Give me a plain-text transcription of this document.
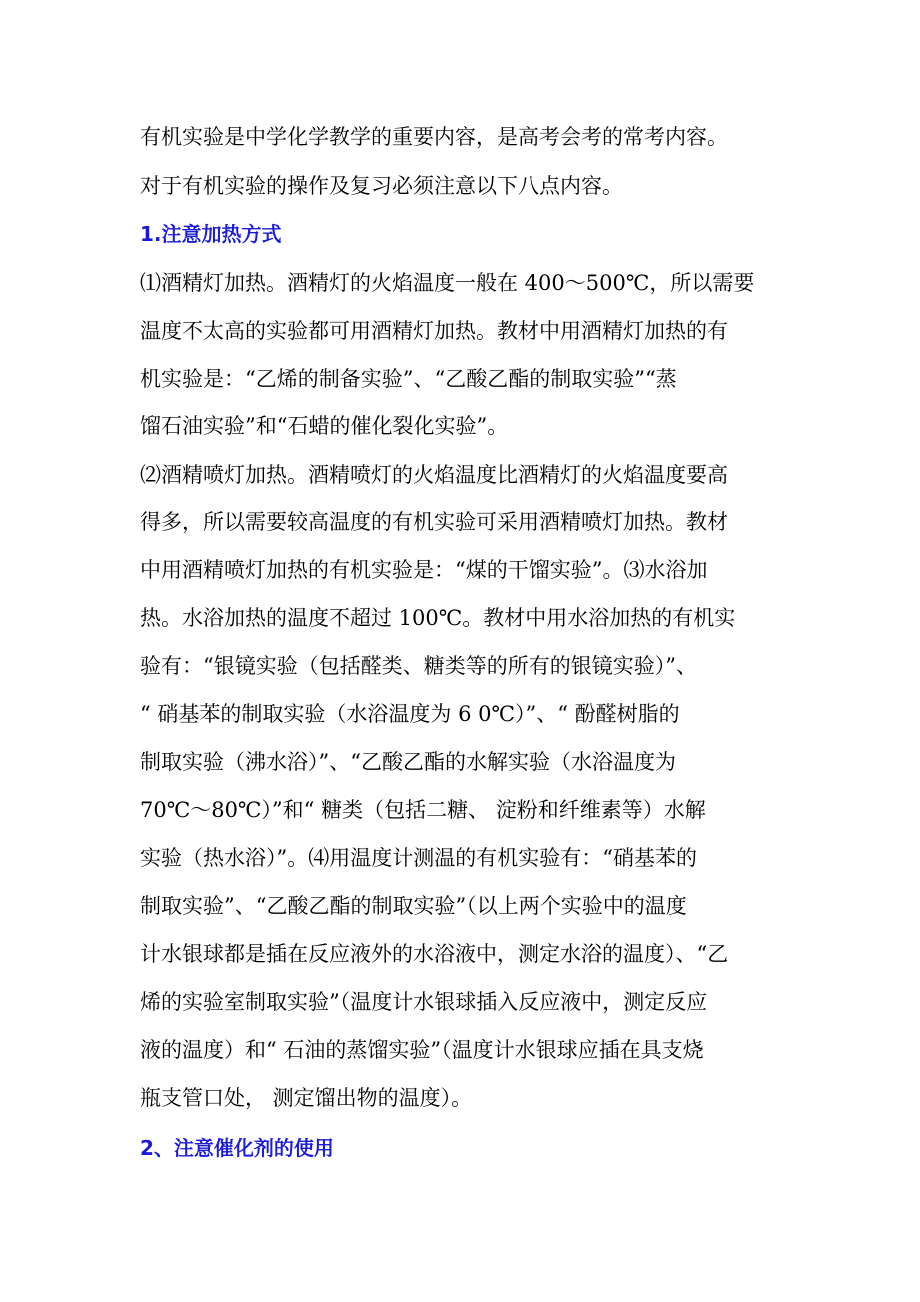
有机实验是中学化学教学的重要内容，是高考会考的常考内容。
对于有机实验的操作及复习必须注意以下八点内容。
1.注意加热方式
⑴酒精灯加热。酒精灯的火焰温度一般在 400～500℃，所以需要
温度不太高的实验都可用酒精灯加热。教材中用酒精灯加热的有
机实验是：“乙烯的制备实验”、“乙酸乙酯的制取实验”“蒸
馏石油实验”和“石蜡的催化裂化实验”。
⑵酒精喷灯加热。酒精喷灯的火焰温度比酒精灯的火焰温度要高
得多，所以需要较高温度的有机实验可采用酒精喷灯加热。教材
中用酒精喷灯加热的有机实验是：“煤的干馏实验”。⑶水浴加
热。水浴加热的温度不超过 100℃。教材中用水浴加热的有机实
验有：“银镜实验（包括醛类、糖类等的所有的银镜实验）”、
“ 硝基苯的制取实验（水浴温度为 6 0℃）”、“ 酚醛树脂的
制取实验（沸水浴）”、“乙酸乙酯的水解实验（水浴温度为
70℃～80℃）”和“ 糖类（包括二糖、 淀粉和纤维素等）水解
实验（热水浴）”。⑷用温度计测温的有机实验有：“硝基苯的
制取实验”、“乙酸乙酯的制取实验”（以上两个实验中的温度
计水银球都是插在反应液外的水浴液中，测定水浴的温度）、“乙
烯的实验室制取实验”（温度计水银球插入反应液中，测定反应
液的温度）和“ 石油的蒸馏实验”（温度计水银球应插在具支烧
瓶支管口处， 测定馏出物的温度）。
2、注意催化剂的使用
